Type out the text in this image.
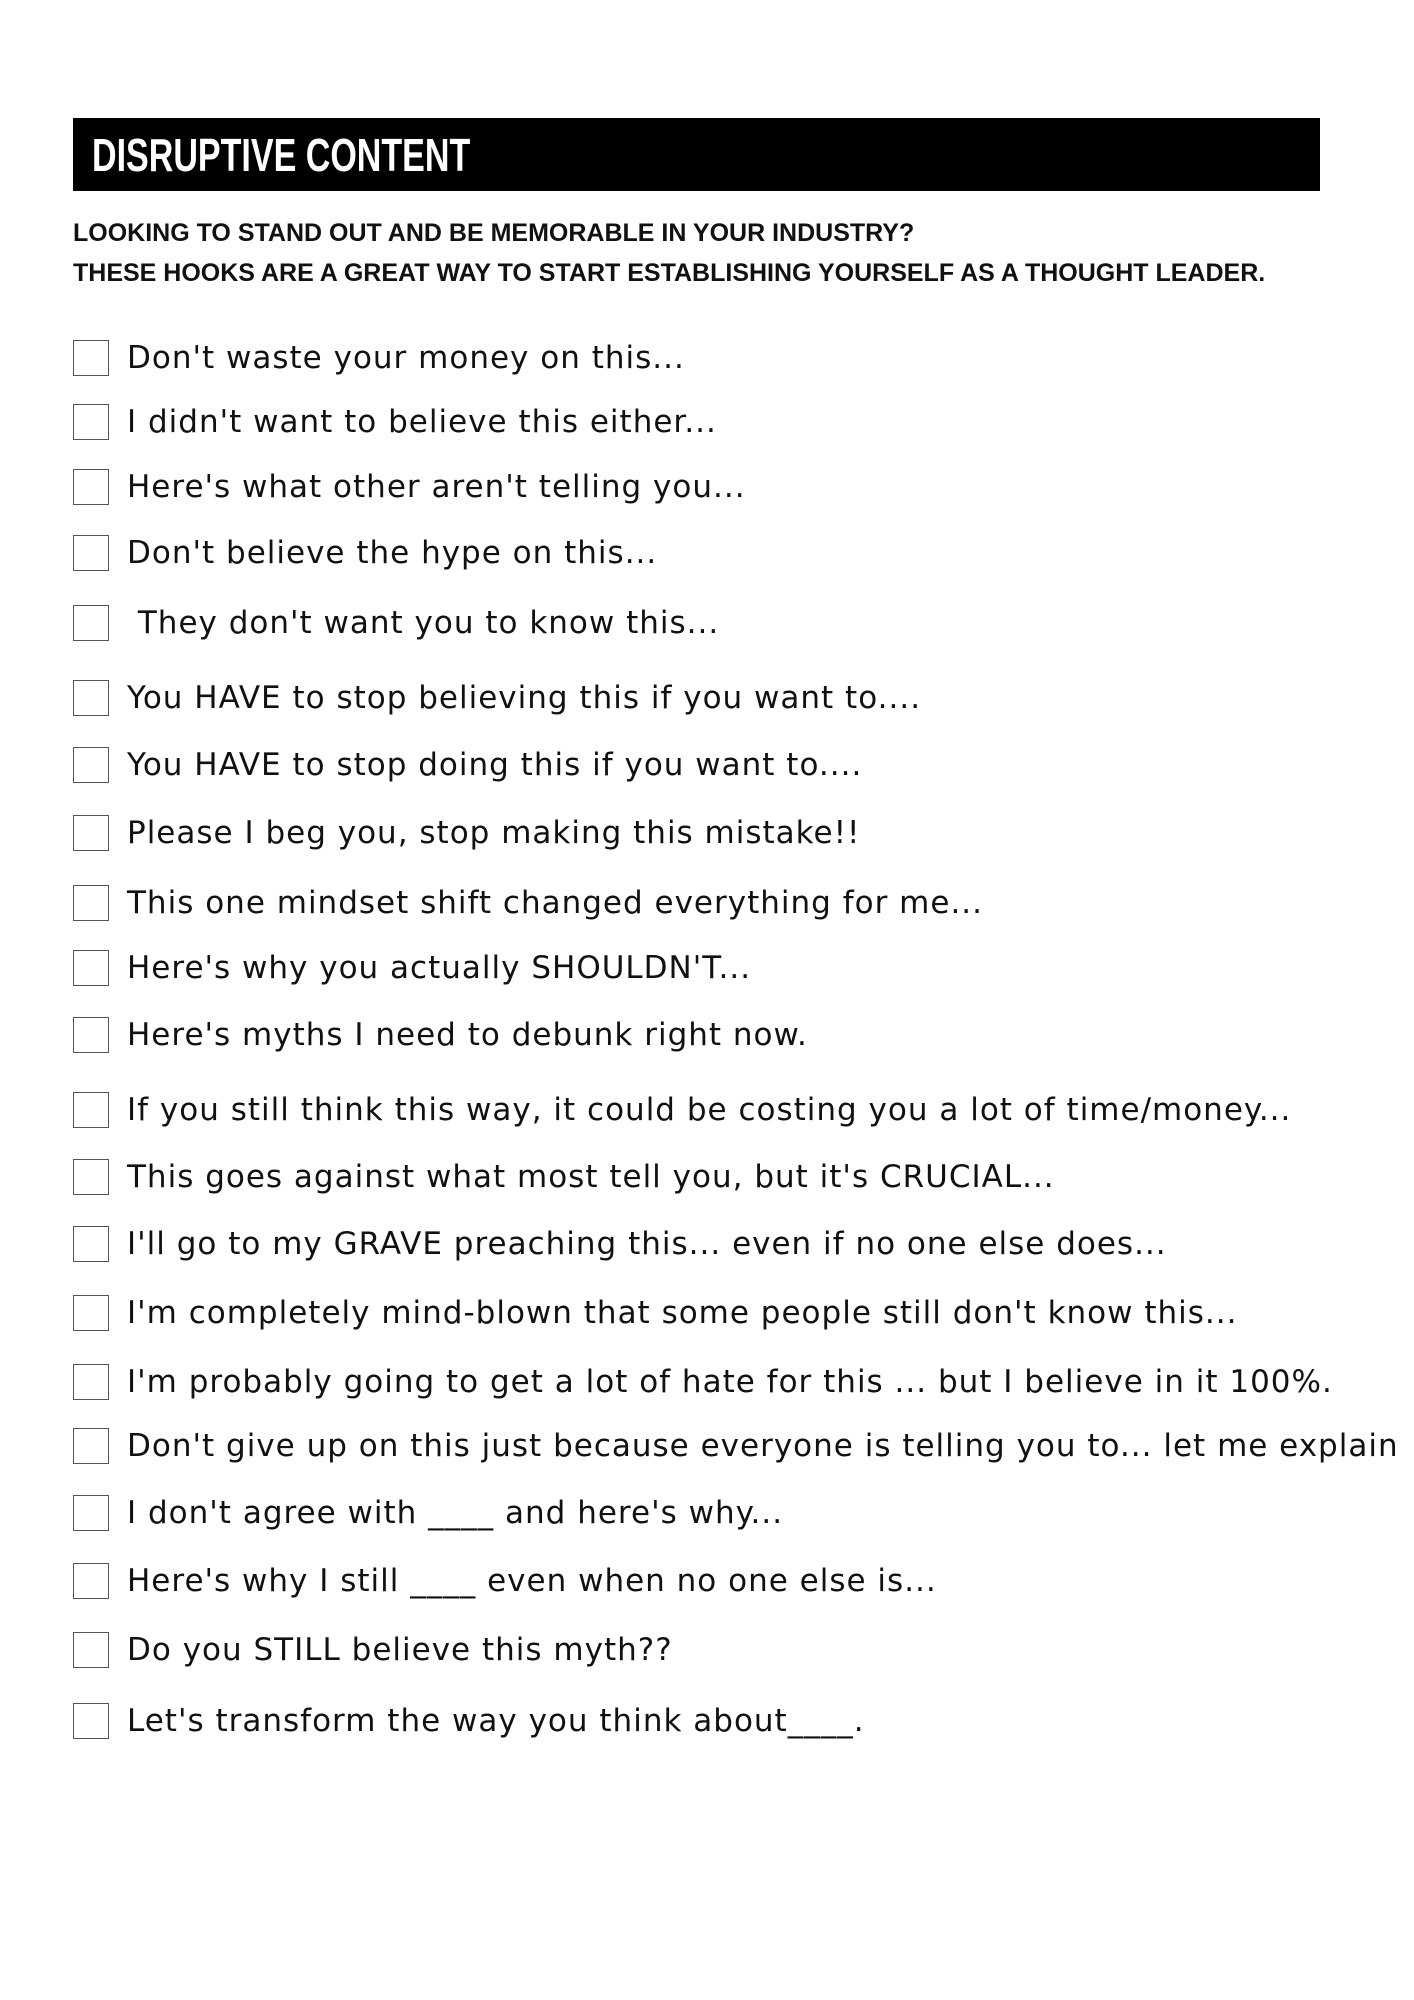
DISRUPTIVE CONTENT
LOOKING TO STAND OUT AND BE MEMORABLE IN YOUR INDUSTRY?
THESE HOOKS ARE A GREAT WAY TO START ESTABLISHING YOURSELF AS A THOUGHT LEADER.
Don't waste your money on this...
I didn't want to believe this either...
Here's what other aren't telling you...
Don't believe the hype on this...
They don't want you to know this...
You HAVE to stop believing this if you want to....
You HAVE to stop doing this if you want to....
Please I beg you, stop making this mistake!!
This one mindset shift changed everything for me...
Here's why you actually SHOULDN'T...
Here's myths I need to debunk right now.
If you still think this way, it could be costing you a lot of time/money...
This goes against what most tell you, but it's CRUCIAL...
I'll go to my GRAVE preaching this... even if no one else does...
I'm completely mind-blown that some people still don't know this...
I'm probably going to get a lot of hate for this ... but I believe in it 100%.
Don't give up on this just because everyone is telling you to... let me explain
I don't agree with ____ and here's why...
Here's why I still ____ even when no one else is...
Do you STILL believe this myth??
Let's transform the way you think about____.
